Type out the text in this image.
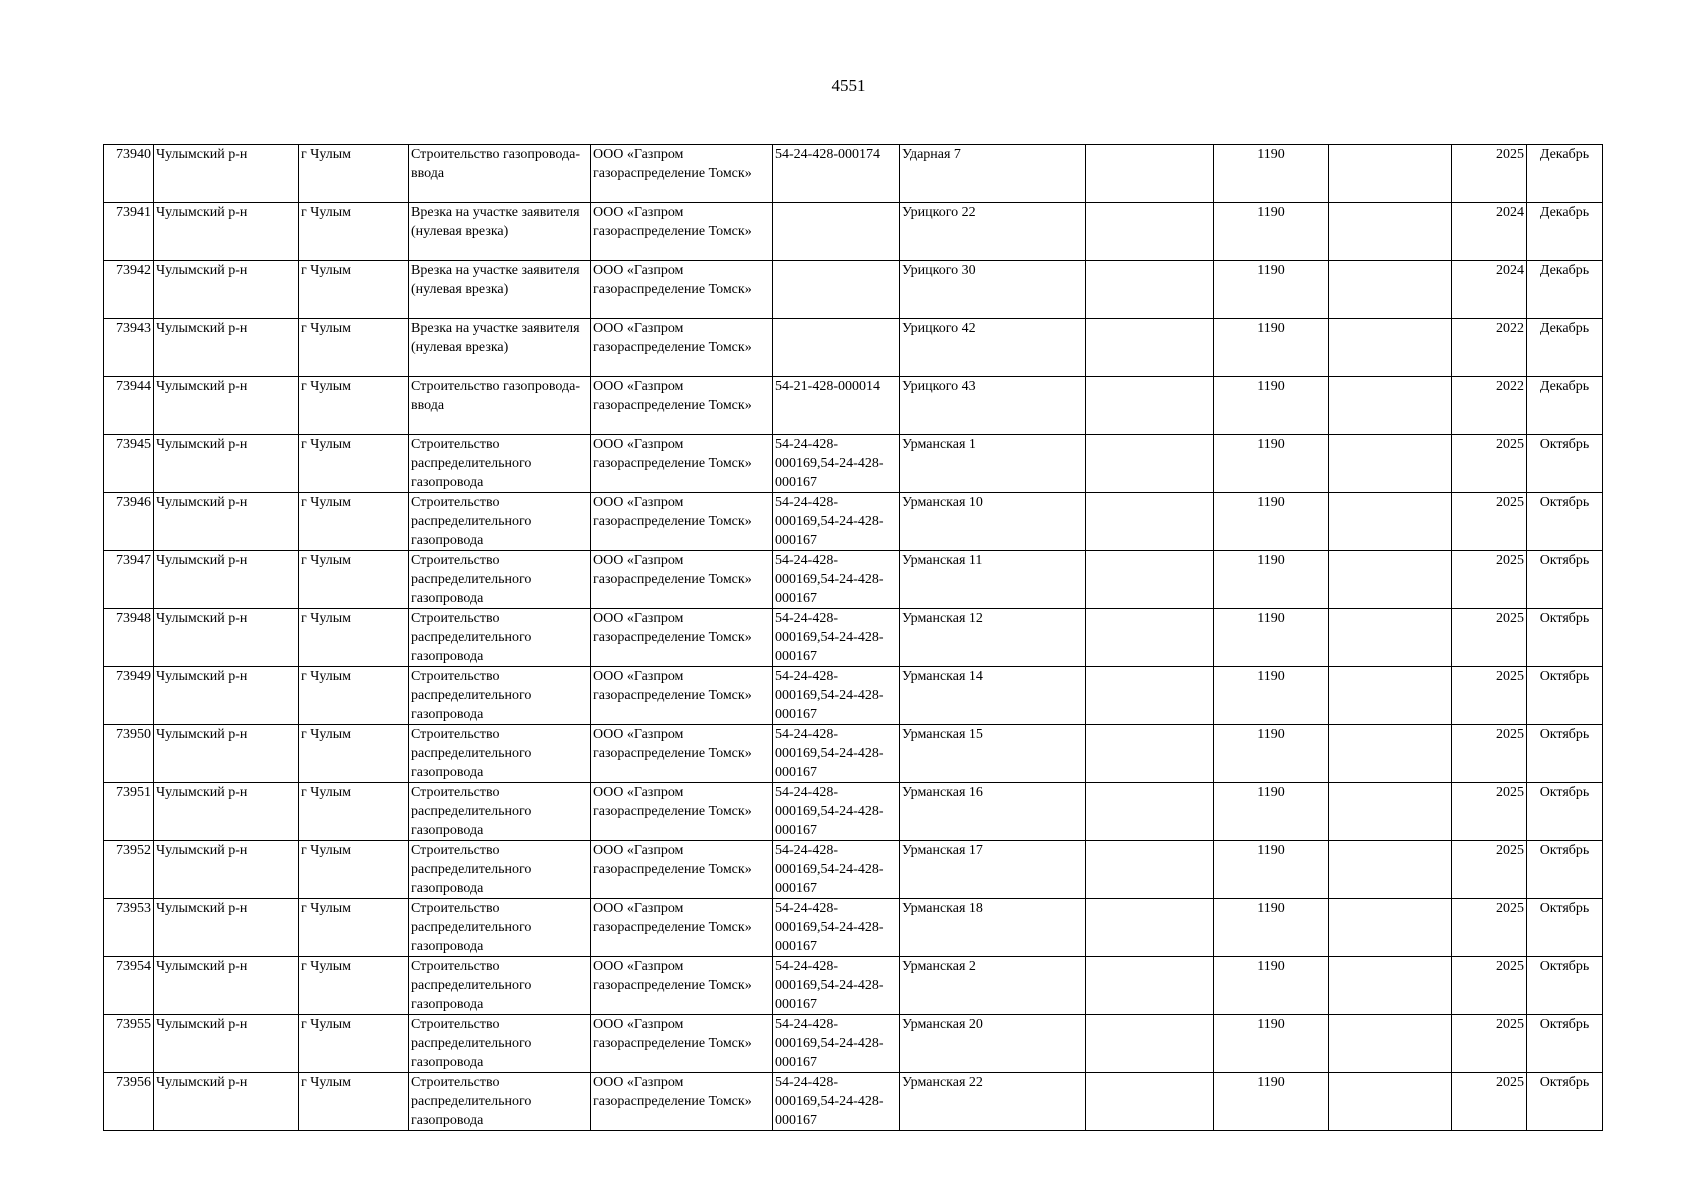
4551
73940	Чулымский р-н	г Чулым	Строительство газопровода-ввода	ООО «Газпром газораспределение Томск»	54-24-428-000174	Ударная 7		1190		2025	Декабрь
73941	Чулымский р-н	г Чулым	Врезка на участке заявителя (нулевая врезка)	ООО «Газпром газораспределение Томск»		Урицкого 22		1190		2024	Декабрь
73942	Чулымский р-н	г Чулым	Врезка на участке заявителя (нулевая врезка)	ООО «Газпром газораспределение Томск»		Урицкого 30		1190		2024	Декабрь
73943	Чулымский р-н	г Чулым	Врезка на участке заявителя (нулевая врезка)	ООО «Газпром газораспределение Томск»		Урицкого 42		1190		2022	Декабрь
73944	Чулымский р-н	г Чулым	Строительство газопровода-ввода	ООО «Газпром газораспределение Томск»	54-21-428-000014	Урицкого 43		1190		2022	Декабрь
73945	Чулымский р-н	г Чулым	Строительство распределительного газопровода	ООО «Газпром газораспределение Томск»	54-24-428-000169,54-24-428-000167	Урманская 1		1190		2025	Октябрь
73946	Чулымский р-н	г Чулым	Строительство распределительного газопровода	ООО «Газпром газораспределение Томск»	54-24-428-000169,54-24-428-000167	Урманская 10		1190		2025	Октябрь
73947	Чулымский р-н	г Чулым	Строительство распределительного газопровода	ООО «Газпром газораспределение Томск»	54-24-428-000169,54-24-428-000167	Урманская 11		1190		2025	Октябрь
73948	Чулымский р-н	г Чулым	Строительство распределительного газопровода	ООО «Газпром газораспределение Томск»	54-24-428-000169,54-24-428-000167	Урманская 12		1190		2025	Октябрь
73949	Чулымский р-н	г Чулым	Строительство распределительного газопровода	ООО «Газпром газораспределение Томск»	54-24-428-000169,54-24-428-000167	Урманская 14		1190		2025	Октябрь
73950	Чулымский р-н	г Чулым	Строительство распределительного газопровода	ООО «Газпром газораспределение Томск»	54-24-428-000169,54-24-428-000167	Урманская 15		1190		2025	Октябрь
73951	Чулымский р-н	г Чулым	Строительство распределительного газопровода	ООО «Газпром газораспределение Томск»	54-24-428-000169,54-24-428-000167	Урманская 16		1190		2025	Октябрь
73952	Чулымский р-н	г Чулым	Строительство распределительного газопровода	ООО «Газпром газораспределение Томск»	54-24-428-000169,54-24-428-000167	Урманская 17		1190		2025	Октябрь
73953	Чулымский р-н	г Чулым	Строительство распределительного газопровода	ООО «Газпром газораспределение Томск»	54-24-428-000169,54-24-428-000167	Урманская 18		1190		2025	Октябрь
73954	Чулымский р-н	г Чулым	Строительство распределительного газопровода	ООО «Газпром газораспределение Томск»	54-24-428-000169,54-24-428-000167	Урманская 2		1190		2025	Октябрь
73955	Чулымский р-н	г Чулым	Строительство распределительного газопровода	ООО «Газпром газораспределение Томск»	54-24-428-000169,54-24-428-000167	Урманская 20		1190		2025	Октябрь
73956	Чулымский р-н	г Чулым	Строительство распределительного газопровода	ООО «Газпром газораспределение Томск»	54-24-428-000169,54-24-428-000167	Урманская 22		1190		2025	Октябрь
